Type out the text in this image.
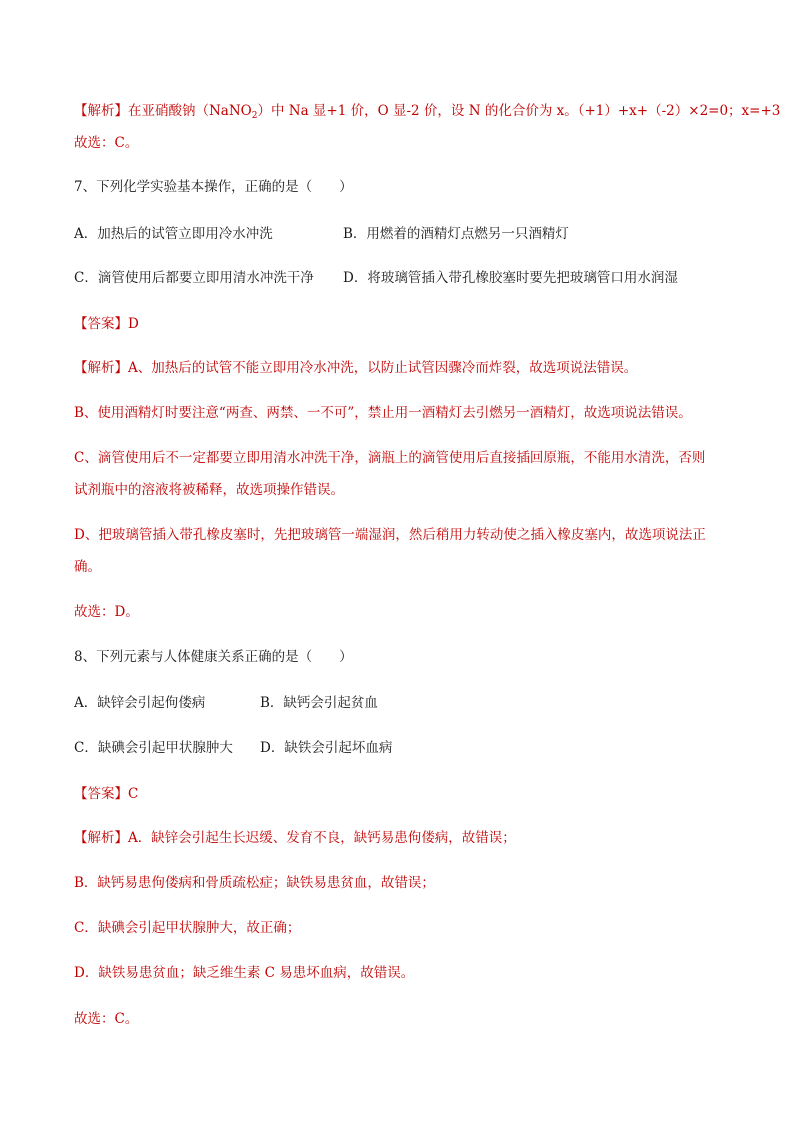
【解析】在亚硝酸钠（NaNO$_2$）中 Na 显+1 价，O 显-2 价，设 N 的化合价为 x。（+1）+x+（-2）×2=0；x=+3
故选：C。
7、下列化学实验基本操作，正确的是（　　）
A．加热后的试管立即用冷水冲洗	B．用燃着的酒精灯点燃另一只酒精灯
C．滴管使用后都要立即用清水冲洗干净 D．将玻璃管插入带孔橡胶塞时要先把玻璃管口用水润湿
【答案】D
【解析】A、加热后的试管不能立即用冷水冲洗，以防止试管因骤冷而炸裂，故选项说法错误。
B、使用酒精灯时要注意“两查、两禁、一不可”，禁止用一酒精灯去引燃另一酒精灯，故选项说法错误。
C、滴管使用后不一定都要立即用清水冲洗干净，滴瓶上的滴管使用后直接插回原瓶，不能用水清洗，否则
试剂瓶中的溶液将被稀释，故选项操作错误。
D、把玻璃管插入带孔橡皮塞时，先把玻璃管一端湿润，然后稍用力转动使之插入橡皮塞内，故选项说法正
确。
故选：D。
8、下列元素与人体健康关系正确的是（　　）
A．缺锌会引起佝偻病	B．缺钙会引起贫血
C．缺碘会引起甲状腺肿大 D．缺铁会引起坏血病
【答案】C
【解析】A．缺锌会引起生长迟缓、发育不良，缺钙易患佝偻病，故错误；
B．缺钙易患佝偻病和骨质疏松症；缺铁易患贫血，故错误；
C．缺碘会引起甲状腺肿大，故正确；
D．缺铁易患贫血；缺乏维生素 C 易患坏血病，故错误。
故选：C。
